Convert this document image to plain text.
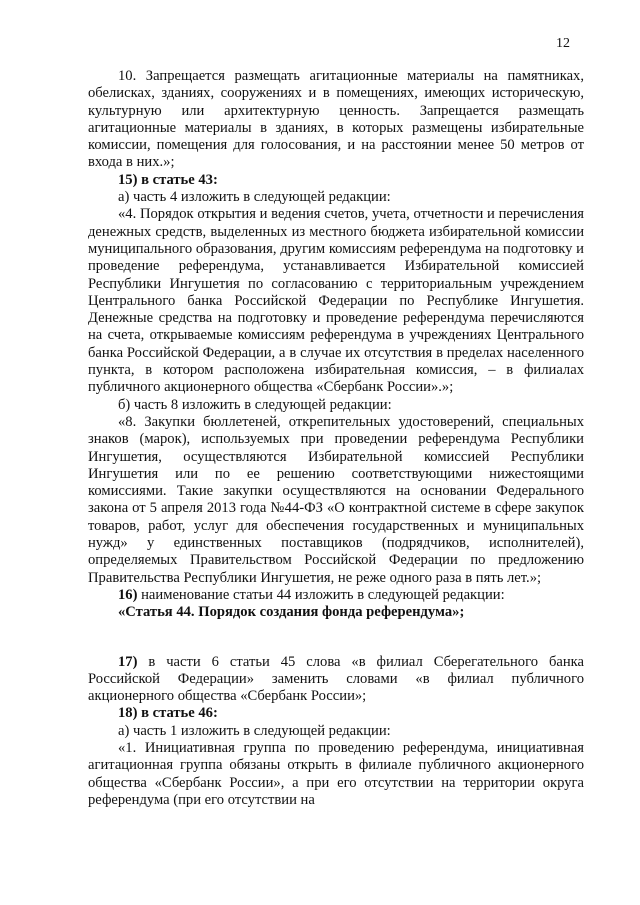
12

10. Запрещается размещать агитационные материалы на памятниках, обелисках, зданиях, сооружениях и в помещениях, имеющих историческую, культурную или архитектурную ценность. Запрещается размещать агитационные материалы в зданиях, в которых размещены избирательные комиссии, помещения для голосования, и на расстоянии менее 50 метров от входа в них.»;

15) в статье 43:

а) часть 4 изложить в следующей редакции:

«4. Порядок открытия и ведения счетов, учета, отчетности и перечисления денежных средств, выделенных из местного бюджета избирательной комиссии муниципального образования, другим комиссиям референдума на подготовку и проведение референдума, устанавливается Избирательной комиссией Республики Ингушетия по согласованию с территориальным учреждением Центрального банка Российской Федерации по Республике Ингушетия. Денежные средства на подготовку и проведение референдума перечисляются на счета, открываемые комиссиям референдума в учреждениях Центрального банка Российской Федерации, а в случае их отсутствия в пределах населенного пункта, в котором расположена избирательная комиссия, – в филиалах публичного акционерного общества «Сбербанк России».»;

б) часть 8 изложить в следующей редакции:

«8. Закупки бюллетеней, открепительных удостоверений, специальных знаков (марок), используемых при проведении референдума Республики Ингушетия, осуществляются Избирательной комиссией Республики Ингушетия или по ее решению соответствующими нижестоящими комиссиями. Такие закупки осуществляются на основании Федерального закона от 5 апреля 2013 года №44-ФЗ «О контрактной системе в сфере закупок товаров, работ, услуг для обеспечения государственных и муниципальных нужд» у единственных поставщиков (подрядчиков, исполнителей), определяемых Правительством Российской Федерации по предложению Правительства Республики Ингушетия, не реже одного раза в пять лет.»;

16) наименование статьи 44 изложить в следующей редакции:

«Статья 44. Порядок создания фонда референдума»;

17) в части 6 статьи 45 слова «в филиал Сберегательного банка Российской Федерации» заменить словами «в филиал публичного акционерного общества «Сбербанк России»;

18) в статье 46:

а) часть 1 изложить в следующей редакции:

«1. Инициативная группа по проведению референдума, инициативная агитационная группа обязаны открыть в филиале публичного акционерного общества «Сбербанк России», а при его отсутствии на территории округа референдума (при его отсутствии на
